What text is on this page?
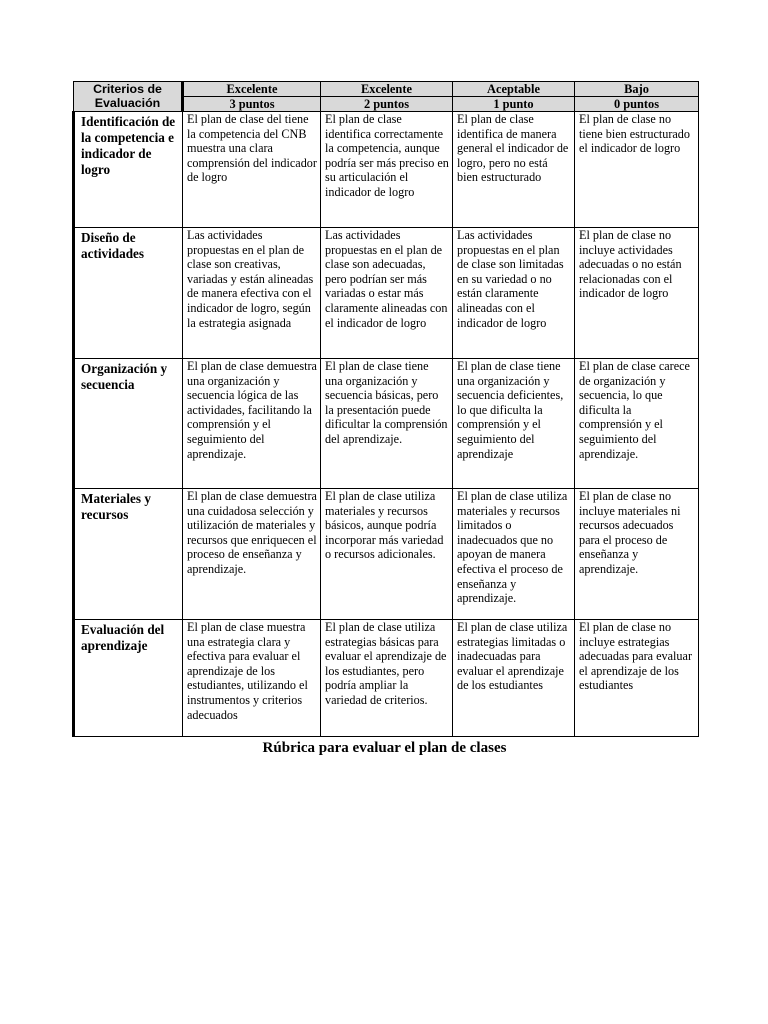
Criterios de
Evaluación	Excelente	Excelente	Aceptable	Bajo
	3 puntos	2 puntos	1 punto	0 puntos
Identificación de la competencia e indicador de logro	El plan de clase del tiene la competencia del CNB muestra una clara comprensión del indicador de logro	El plan de clase identifica correctamente la competencia, aunque podría ser más preciso en su articulación el indicador de logro	El plan de clase identifica de manera general el indicador de logro, pero no está bien estructurado	El plan de clase no tiene bien estructurado el indicador de logro
Diseño de actividades	Las actividades propuestas en el plan de clase son creativas, variadas y están alineadas de manera efectiva con el indicador de logro, según la estrategia asignada	Las actividades propuestas en el plan de clase son adecuadas, pero podrían ser más variadas o estar más claramente alineadas con el indicador de logro	Las actividades propuestas en el plan de clase son limitadas en su variedad o no están claramente alineadas con el indicador de logro	El plan de clase no incluye actividades adecuadas o no están relacionadas con el indicador de logro
Organización y secuencia	El plan de clase demuestra una organización y secuencia lógica de las actividades, facilitando la comprensión y el seguimiento del aprendizaje.	El plan de clase tiene una organización y secuencia básicas, pero la presentación puede dificultar la comprensión del aprendizaje.	El plan de clase tiene una organización y secuencia deficientes, lo que dificulta la comprensión y el seguimiento del aprendizaje	El plan de clase carece de organización y secuencia, lo que dificulta la comprensión y el seguimiento del aprendizaje.
Materiales y recursos	El plan de clase demuestra una cuidadosa selección y utilización de materiales y recursos que enriquecen el proceso de enseñanza y aprendizaje.	El plan de clase utiliza materiales y recursos básicos, aunque podría incorporar más variedad o recursos adicionales.	El plan de clase utiliza materiales y recursos limitados o inadecuados que no apoyan de manera efectiva el proceso de enseñanza y aprendizaje.	El plan de clase no incluye materiales ni recursos adecuados para el proceso de enseñanza y aprendizaje.
Evaluación del aprendizaje	El plan de clase muestra una estrategia clara y efectiva para evaluar el aprendizaje de los estudiantes, utilizando el instrumentos y criterios adecuados	El plan de clase utiliza estrategias básicas para evaluar el aprendizaje de los estudiantes, pero podría ampliar la variedad de criterios.	El plan de clase utiliza estrategias limitadas o inadecuadas para evaluar el aprendizaje de los estudiantes	El plan de clase no incluye estrategias adecuadas para evaluar el aprendizaje de los estudiantes
Rúbrica para evaluar el plan de clases
